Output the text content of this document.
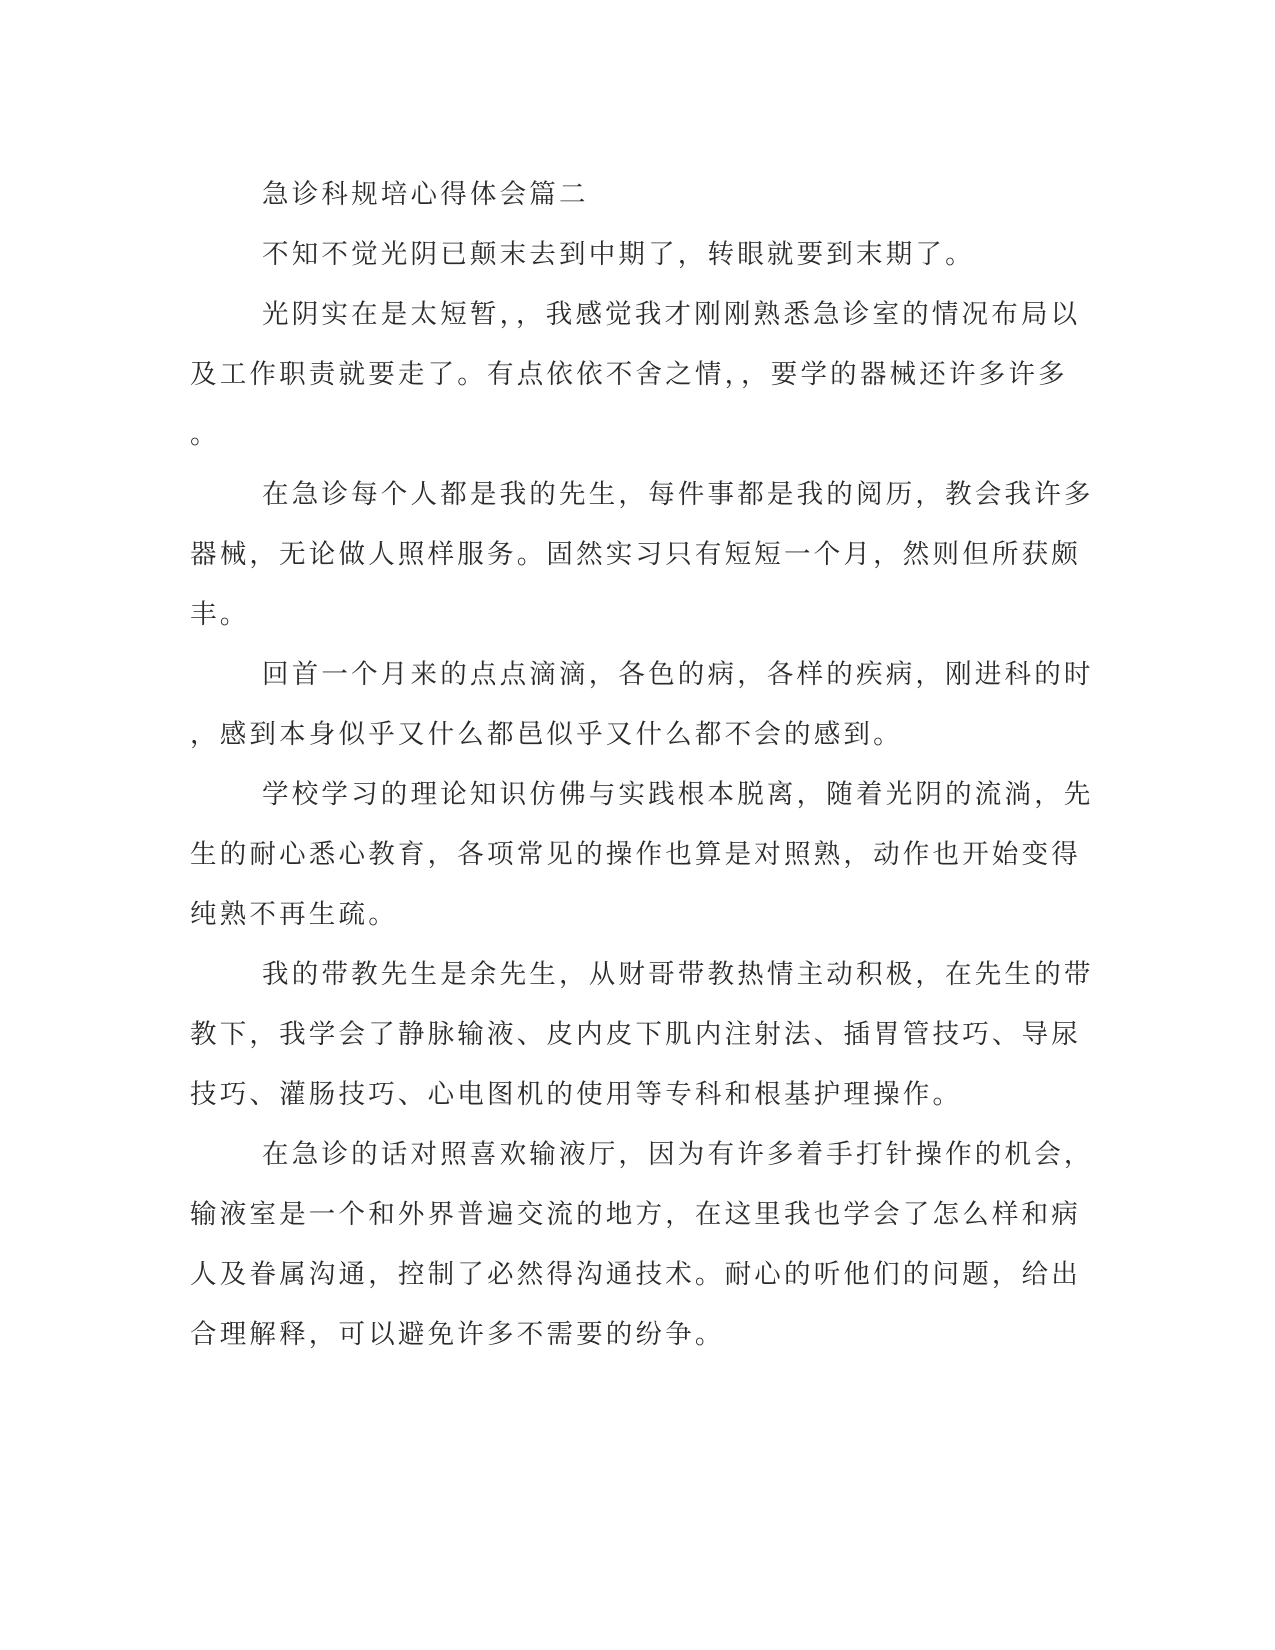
急诊科规培心得体会篇二
不知不觉光阴已颠末去到中期了，转眼就要到末期了。
光阴实在是太短暂，，我感觉我才刚刚熟悉急诊室的情况布局以
及工作职责就要走了。有点依依不舍之情，，要学的器械还许多许多
。
在急诊每个人都是我的先生，每件事都是我的阅历，教会我许多
器械，无论做人照样服务。固然实习只有短短一个月，然则但所获颇
丰。
回首一个月来的点点滴滴，各色的病，各样的疾病，刚进科的时
，感到本身似乎又什么都邑似乎又什么都不会的感到。
学校学习的理论知识仿佛与实践根本脱离，随着光阴的流淌，先
生的耐心悉心教育，各项常见的操作也算是对照熟，动作也开始变得
纯熟不再生疏。
我的带教先生是余先生，从财哥带教热情主动积极，在先生的带
教下，我学会了静脉输液、皮内皮下肌内注射法、插胃管技巧、导尿
技巧、灌肠技巧、心电图机的使用等专科和根基护理操作。
在急诊的话对照喜欢输液厅，因为有许多着手打针操作的机会，
输液室是一个和外界普遍交流的地方，在这里我也学会了怎么样和病
人及眷属沟通，控制了必然得沟通技术。耐心的听他们的问题，给出
合理解释，可以避免许多不需要的纷争。
